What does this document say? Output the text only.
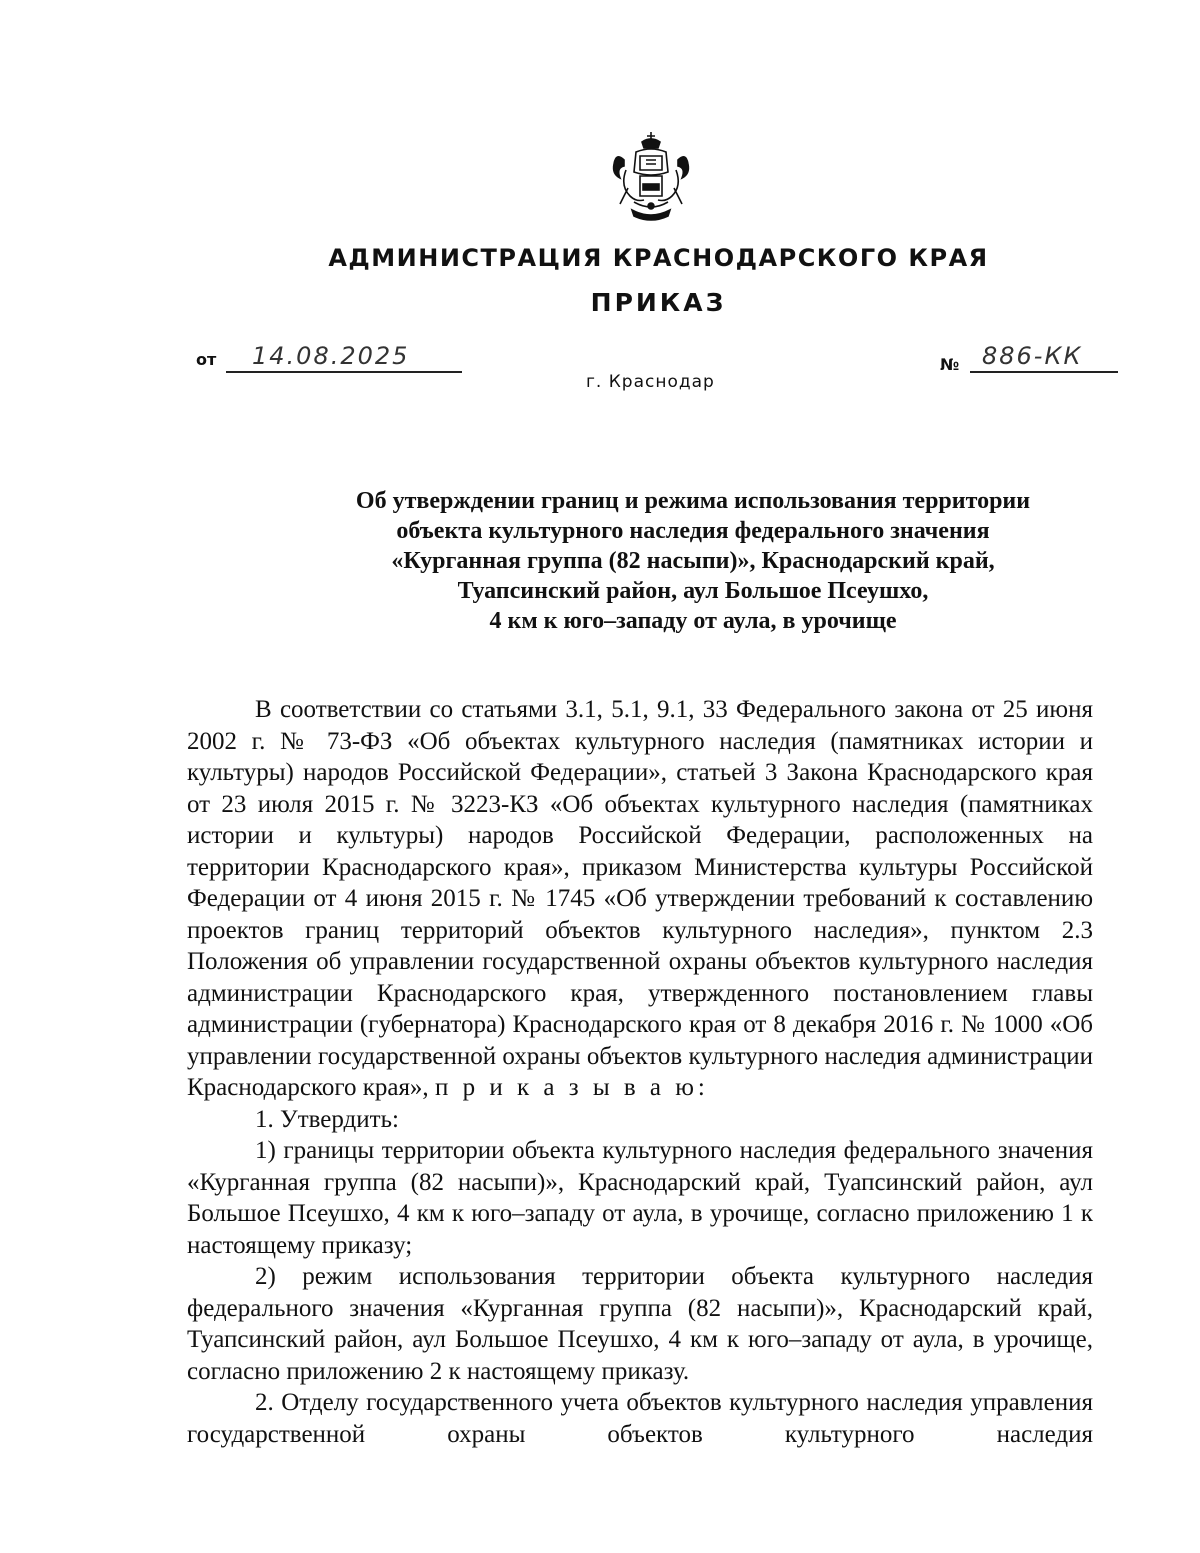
АДМИНИСТРАЦИЯ КРАСНОДАРСКОГО КРАЯ
ПРИКАЗ
от 14.08.2025
г. Краснодар
№ 886-КК
Об утверждении границ и режима использования территории
объекта культурного наследия федерального значения
«Курганная группа (82 насыпи)», Краснодарский край,
Туапсинский район, аул Большое Псеушхо,
4 км к юго–западу от аула, в урочище

В соответствии со статьями 3.1, 5.1, 9.1, 33 Федерального закона от 25 июня 2002 г. № 73-ФЗ «Об объектах культурного наследия (памятниках истории и культуры) народов Российской Федерации», статьей 3 Закона Краснодарского края от 23 июля 2015 г. № 3223-КЗ «Об объектах культурного наследия (памятниках истории и культуры) народов Российской Федерации, расположенных на территории Краснодарского края», приказом Министерства культуры Российской Федерации от 4 июня 2015 г. № 1745 «Об утверждении требований к составлению проектов границ территорий объектов культурного наследия», пунктом 2.3 Положения об управлении государственной охраны объектов культурного наследия администрации Краснодарского края, утвержденного постановлением главы администрации (губернатора) Краснодарского края от 8 декабря 2016 г. № 1000 «Об управлении государственной охраны объектов культурного наследия администрации Краснодарского края», п р и к а з ы в а ю:

1. Утвердить:

1) границы территории объекта культурного наследия федерального значения «Курганная группа (82 насыпи)», Краснодарский край, Туапсинский район, аул Большое Псеушхо, 4 км к юго–западу от аула, в урочище, согласно приложению 1 к настоящему приказу;

2) режим использования территории объекта культурного наследия федерального значения «Курганная группа (82 насыпи)», Краснодарский край, Туапсинский район, аул Большое Псеушхо, 4 км к юго–западу от аула, в урочище, согласно приложению 2 к настоящему приказу.

2. Отделу государственного учета объектов культурного наследия управления государственной охраны объектов культурного наследия
